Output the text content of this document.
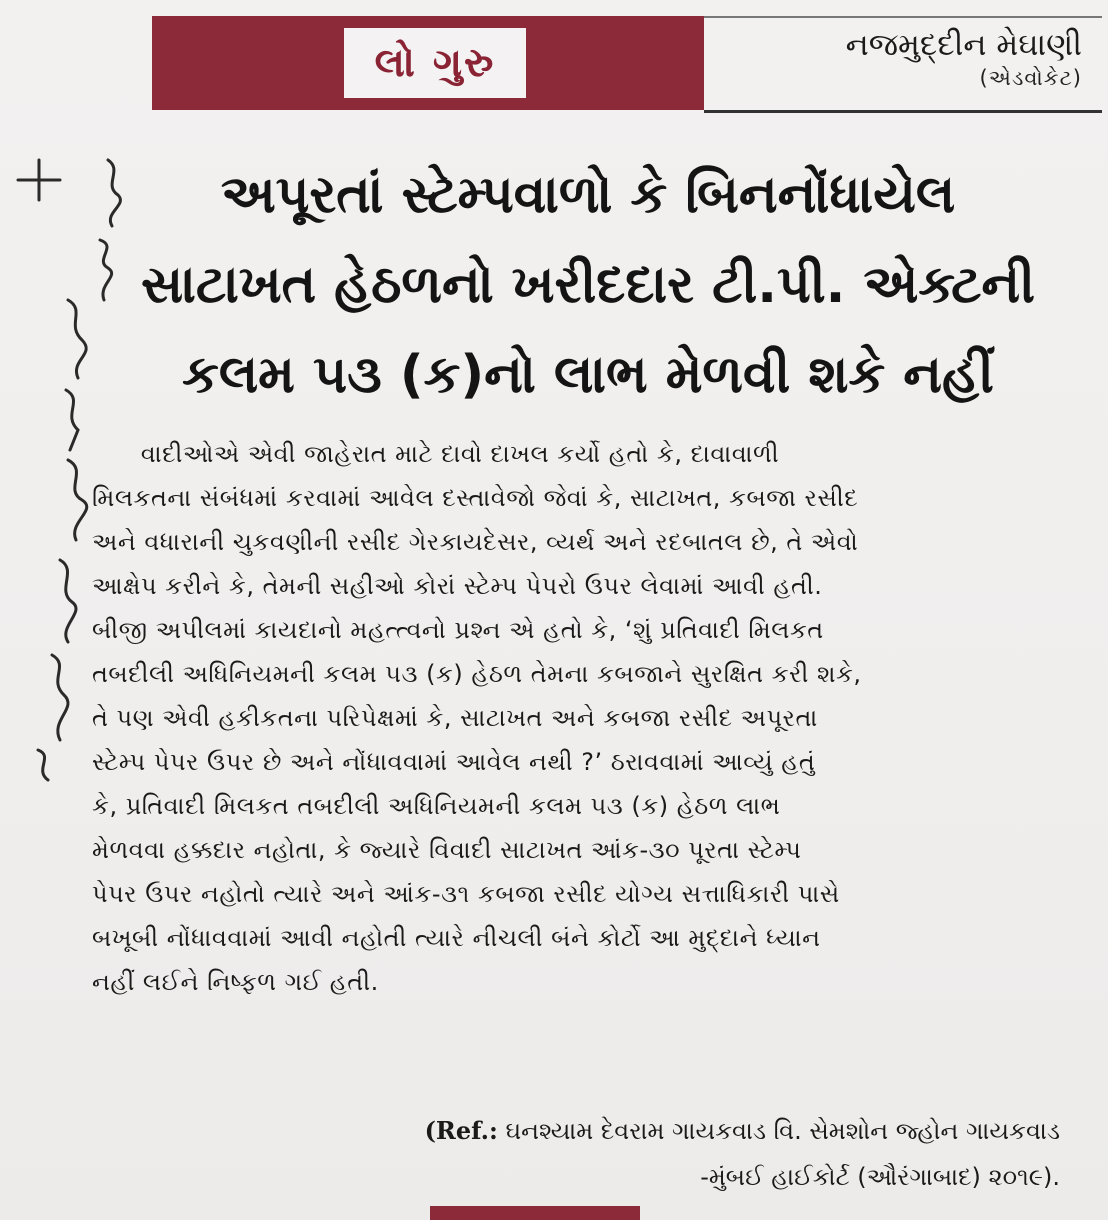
લો ગુરુ	નજમુદ્દીન મેઘાણી
(એડવોકેટ)
અપૂરતાં સ્ટેમ્પવાળો કે બિનનોંધાયેલ
સાટાખત હેઠળનો ખરીદદાર ટી.પી. એક્ટની
કલમ ૫૩ (ક)નો લાભ મેળવી શકે નહીં
વાદીઓએ એવી જાહેરાત માટે દાવો દાખલ કર્યો હતો કે, દાવાવાળી
મિલકતના સંબંધમાં કરવામાં આવેલ દસ્તાવેજો જેવાં કે, સાટાખત, કબજા રસીદ
અને વધારાની ચુકવણીની રસીદ ગેરકાયદેસર, વ્યર્થ અને રદબાતલ છે, તે એવો
આક્ષેપ કરીને કે, તેમની સહીઓ કોરાં સ્ટેમ્પ પેપરો ઉપર લેવામાં આવી હતી.
બીજી અપીલમાં કાયદાનો મહત્ત્વનો પ્રશ્ન એ હતો કે, ‘શું પ્રતિવાદી મિલકત
તબદીલી અધિનિયમની કલમ ૫૩ (ક) હેઠળ તેમના કબજાને સુરક્ષિત કરી શકે,
તે પણ એવી હકીકતના પરિપેક્ષમાં કે, સાટાખત અને કબજા રસીદ અપૂરતા
સ્ટેમ્પ પેપર ઉપર છે અને નોંધાવવામાં આવેલ નથી ?’ ઠરાવવામાં આવ્યું હતું
કે, પ્રતિવાદી મિલકત તબદીલી અધિનિયમની કલમ ૫૩ (ક) હેઠળ લાભ
મેળવવા હક્કદાર નહોતા, કે જ્યારે વિવાદી સાટાખત આંક-૩૦ પૂરતા સ્ટેમ્પ
પેપર ઉપર નહોતો ત્યારે અને આંક-૩૧ કબજા રસીદ યોગ્ય સત્તાધિકારી પાસે
બખૂબી નોંધાવવામાં આવી નહોતી ત્યારે નીચલી બંને કોર્ટો આ મુદ્દાને ધ્યાન
નહીં લઈને નિષ્ફળ ગઈ હતી.
(Ref.: ઘનશ્યામ દેવરામ ગાયકવાડ વિ. સેમશોન જ્હોન ગાયકવાડ
-મુંબઈ હાઈકોર્ટ (ઔરંગાબાદ) ૨૦૧૯).
